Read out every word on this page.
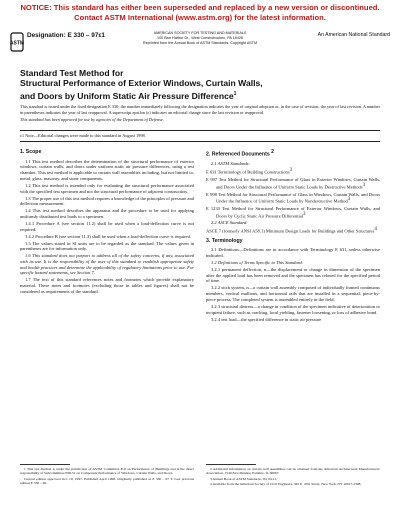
NOTICE: This standard has either been superseded and replaced by a new version or discontinued. Contact ASTM International (www.astm.org) for the latest information.
ASTM
Designation: E 330 – 97ε1	AMERICAN SOCIETY FOR TESTING AND MATERIALS
100 Barr Harbor Dr., West Conshohocken, PA 19428
Reprinted from the Annual Book of ASTM Standards. Copyright ASTM
An American National Standard
Standard Test Method for
Structural Performance of Exterior Windows, Curtain Walls,
and Doors by Uniform Static Air Pressure Difference$^1$

This standard is issued under the fixed designation E 330; the number immediately following the designation indicates the year of original adoption or, in the case of revision, the year of last revision. A number in parentheses indicates the year of last reapproval. A superscript epsilon (ε) indicates an editorial change since the last revision or reapproval.

This standard has been approved for use by agencies of the Department of Defense.

ε1 Note—Editorial changes were made to this standard in August 1998.

1. Scope

1.1 This test method describes the determination of the structural performance of exterior windows, curtain walls, and doors under uniform static air pressure differences, using a test chamber. This test method is applicable to curtain wall assemblies including, but not limited to, metal, glass, masonry, and stone components.

1.2 This test method is intended only for evaluating the structural performance associated with the specified test specimen and not the structural performance of adjacent construction.

1.3 The proper use of this test method requires a knowledge of the principles of pressure and deflection measurement.

1.4 This test method describes the apparatus and the procedure to be used for applying uniformly distributed test loads to a specimen.

1.4.1 Procedure A (see section 11.2) shall be used when a load-deflection curve is not required.

1.4.2 Procedure B (see section 11.3) shall be used when a load-deflection curve is required.

1.5 The values stated in SI units are to be regarded as the standard. The values given in parentheses are for information only.

1.6 This standard does not purport to address all of the safety concerns, if any, associated with its use. It is the responsibility of the user of this standard to establish appropriate safety and health practices and determine the applicability of regulatory limitations prior to use. For specific hazard statements, see Section 7.

1.7 The text of this standard references notes and footnotes which provide explanatory material. These notes and footnotes (excluding those in tables and figures) shall not be considered as requirements of the standard.

2. Referenced Documents 2

2.1 ASTM Standards:

E 631 Terminology of Building Constructions3

E 997 Test Method for Structural Performance of Glass in Exterior Windows, Curtain Walls, and Doors Under the Influence of Uniform Static Loads by Destructive Methods3

E 998 Test Method for Structural Performance of Glass in Windows, Curtain Walls, and Doors Under the Influence of Uniform Static Loads by Nondestructive Method3

E 1233 Test Method for Structural Performance of Exterior Windows, Curtain Walls, and Doors by Cyclic Static Air Pressure Differential3

2.2 ASCE Standard:

ASCE 7 (formerly ANSI A58.1) Minimum Design Loads for Buildings and Other Structures4

3. Terminology

3.1 Definitions—Definitions are in accordance with Terminology E 631, unless otherwise indicated.

3.2 Definitions of Terms Specific to This Standard:

3.2.1 permanent deflection, n—the displacement or change in dimension of the specimen after the applied load has been removed and the specimen has relaxed for the specified period of time.

3.2.2 stick system, n—a curtain wall assembly composed of individually framed continuous members, vertical mullions, and horizontal rails that are installed in a sequential, piece-by-piece process. The completed system is assembled entirely in the field.

3.2.3 structural distress—a change in condition of the specimen indicative of deterioration or incipient failure, such as cracking, local yielding, fastener loosening, or loss of adhesive bond.

3.2.4 test load—the specified difference in static air pressure

1 This test method is under the jurisdiction of ASTM Committee E-6 on Performance of Buildings and is the direct responsibility of Subcommittee E06.51 on Component Performance of Windows, Curtain Walls, and Doors.

Current edition approved Oct. 10, 1997. Published April 1998. Originally published as E 330 – 67 T. Last previous edition E 330 – 96.

2 Additional information on curtain wall assemblies can be obtained from the American Architectural Manufacturers' Association, 1540 East Dundee, Palatine, IL 60067.

3 Annual Book of ASTM Standards, Vol 04.11.

4 Available from the American Society of Civil Engineers, 345 E. 47th Street, New York, NY 10017-2398.
